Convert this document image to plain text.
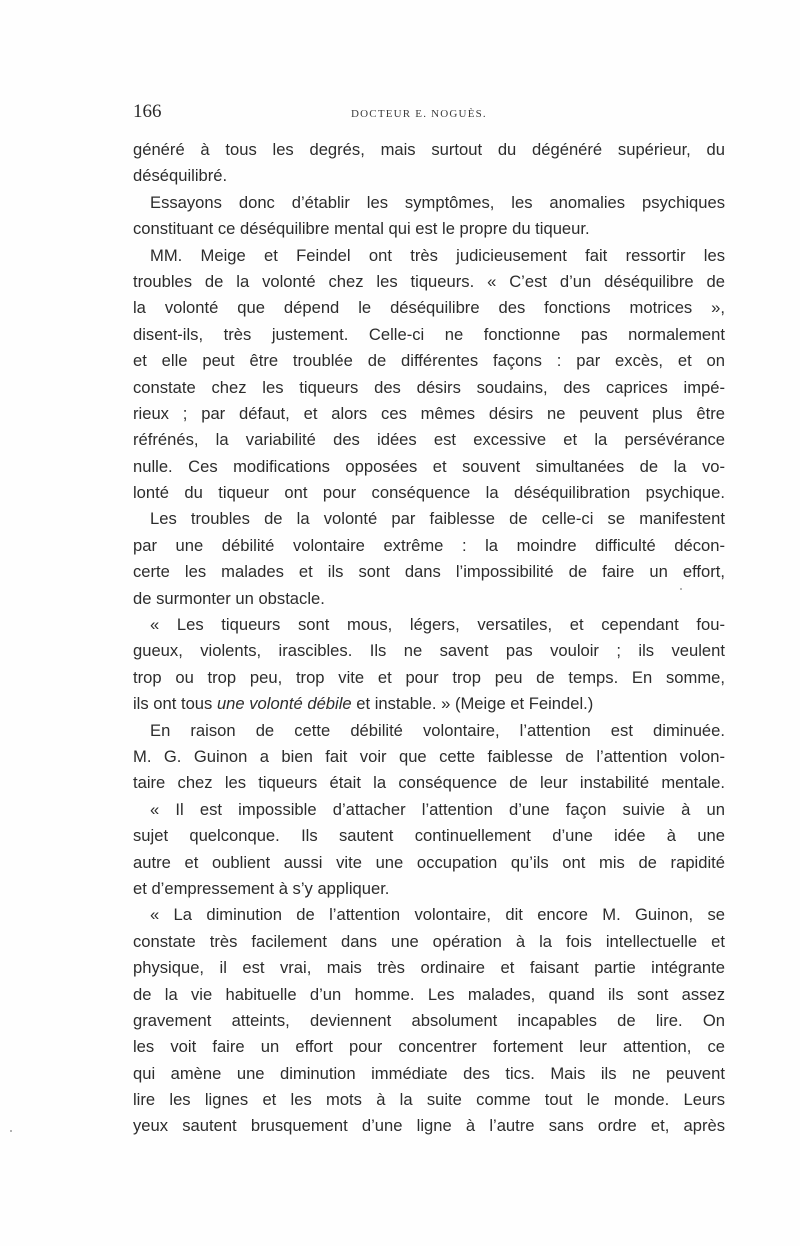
166	DOCTEUR E. NOGUÈS.
généré à tous les degrés, mais surtout du dégénéré supérieur, du
déséquilibré.
Essayons donc d’établir les symptômes, les anomalies psychiques
constituant ce déséquilibre mental qui est le propre du tiqueur.
MM. Meige et Feindel ont très judicieusement fait ressortir les
troubles de la volonté chez les tiqueurs. « C’est d’un déséquilibre de
la volonté que dépend le déséquilibre des fonctions motrices »,
disent-ils, très justement. Celle-ci ne fonctionne pas normalement
et elle peut être troublée de différentes façons : par excès, et on
constate chez les tiqueurs des désirs soudains, des caprices impé-
rieux ; par défaut, et alors ces mêmes désirs ne peuvent plus être
réfrénés, la variabilité des idées est excessive et la persévérance
nulle. Ces modifications opposées et souvent simultanées de la vo-
lonté du tiqueur ont pour conséquence la déséquilibration psychique.
Les troubles de la volonté par faiblesse de celle-ci se manifestent
par une débilité volontaire extrême : la moindre difficulté décon-
certe les malades et ils sont dans l’impossibilité de faire un effort,
de surmonter un obstacle.
« Les tiqueurs sont mous, légers, versatiles, et cependant fou-
gueux, violents, irascibles. Ils ne savent pas vouloir ; ils veulent
trop ou trop peu, trop vite et pour trop peu de temps. En somme,
ils ont tous une volonté débile et instable. » (Meige et Feindel.)
En raison de cette débilité volontaire, l’attention est diminuée.
M. G. Guinon a bien fait voir que cette faiblesse de l’attention volon-
taire chez les tiqueurs était la conséquence de leur instabilité mentale.
« Il est impossible d’attacher l’attention d’une façon suivie à un
sujet quelconque. Ils sautent continuellement d’une idée à une
autre et oublient aussi vite une occupation qu’ils ont mis de rapidité
et d’empressement à s’y appliquer.
« La diminution de l’attention volontaire, dit encore M. Guinon, se
constate très facilement dans une opération à la fois intellectuelle et
physique, il est vrai, mais très ordinaire et faisant partie intégrante
de la vie habituelle d’un homme. Les malades, quand ils sont assez
gravement atteints, deviennent absolument incapables de lire. On
les voit faire un effort pour concentrer fortement leur attention, ce
qui amène une diminution immédiate des tics. Mais ils ne peuvent
lire les lignes et les mots à la suite comme tout le monde. Leurs
yeux sautent brusquement d’une ligne à l’autre sans ordre et, après
